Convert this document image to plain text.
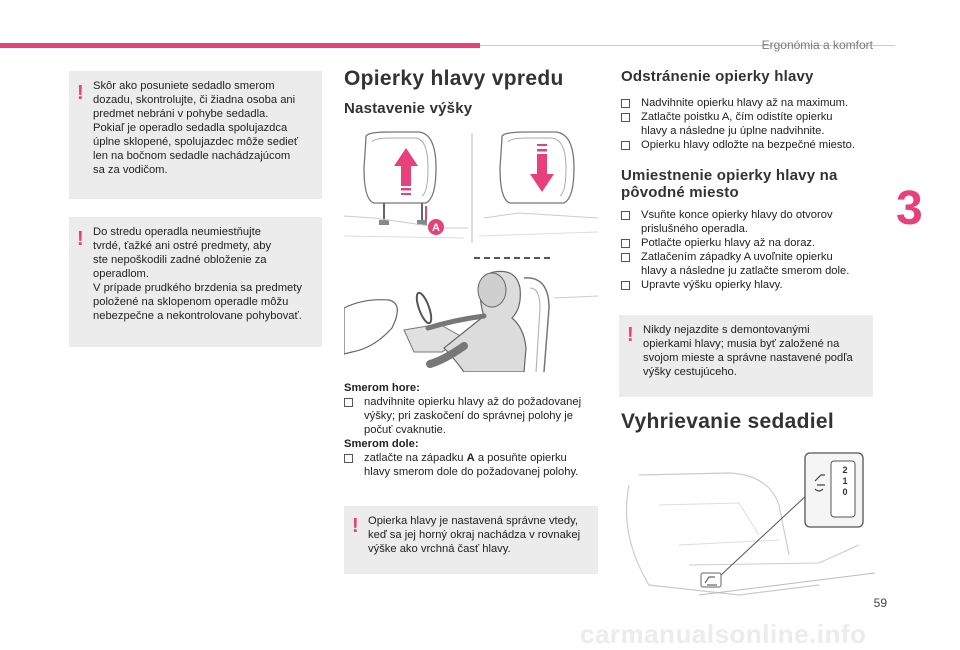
Ergonómia a komfort
3
! Skôr ako posuniete sedadlo smerom
dozadu, skontrolujte, či žiadna osoba ani
predmet nebráni v pohybe sedadla.
Pokiaľ je operadlo sedadla spolujazdca
úplne sklopené, spolujazdec môže sedieť
len na bočnom sedadle nachádzajúcom
sa za vodičom.

! Do stredu operadla neumiestňujte
tvrdé, ťažké ani ostré predmety, aby
ste nepoškodili zadné obloženie za
operadlom.
V prípade prudkého brzdenia sa predmety
položené na sklopenom operadle môžu
nebezpečne a nekontrolovane pohybovať.

Opierky hlavy vpredu
Nastavenie výšky
A
Smerom hore:
nadvihnite opierku hlavy až do požadovanej
výšky; pri zaskočení do správnej polohy je
počuť cvaknutie.
Smerom dole:
zatlačte na západku A a posuňte opierku
hlavy smerom dole do požadovanej polohy.
! Opierka hlavy je nastavená správne vtedy,
keď sa jej horný okraj nachádza v rovnakej
výške ako vrchná časť hlavy.

Odstránenie opierky hlavy
Nadvihnite opierku hlavy až na maximum.
Zatlačte poistku A, čím odistíte opierku
hlavy a následne ju úplne nadvihnite.
Opierku hlavy odložte na bezpečné miesto.
Umiestnenie opierky hlavy na
pôvodné miesto
Vsuňte konce opierky hlavy do otvorov
prislušného operadla.
Potlačte opierku hlavy až na doraz.
Zatlačením západky A uvoľnite opierku
hlavy a následne ju zatlačte smerom dole.
Upravte výšku opierky hlavy.
! Nikdy nejazdite s demontovanými
opierkami hlavy; musia byť založené na
svojom mieste a správne nastavené podľa
výšky cestujúceho.

Vyhrievanie sedadiel
2
1
0
59
carmanualsonline.info
